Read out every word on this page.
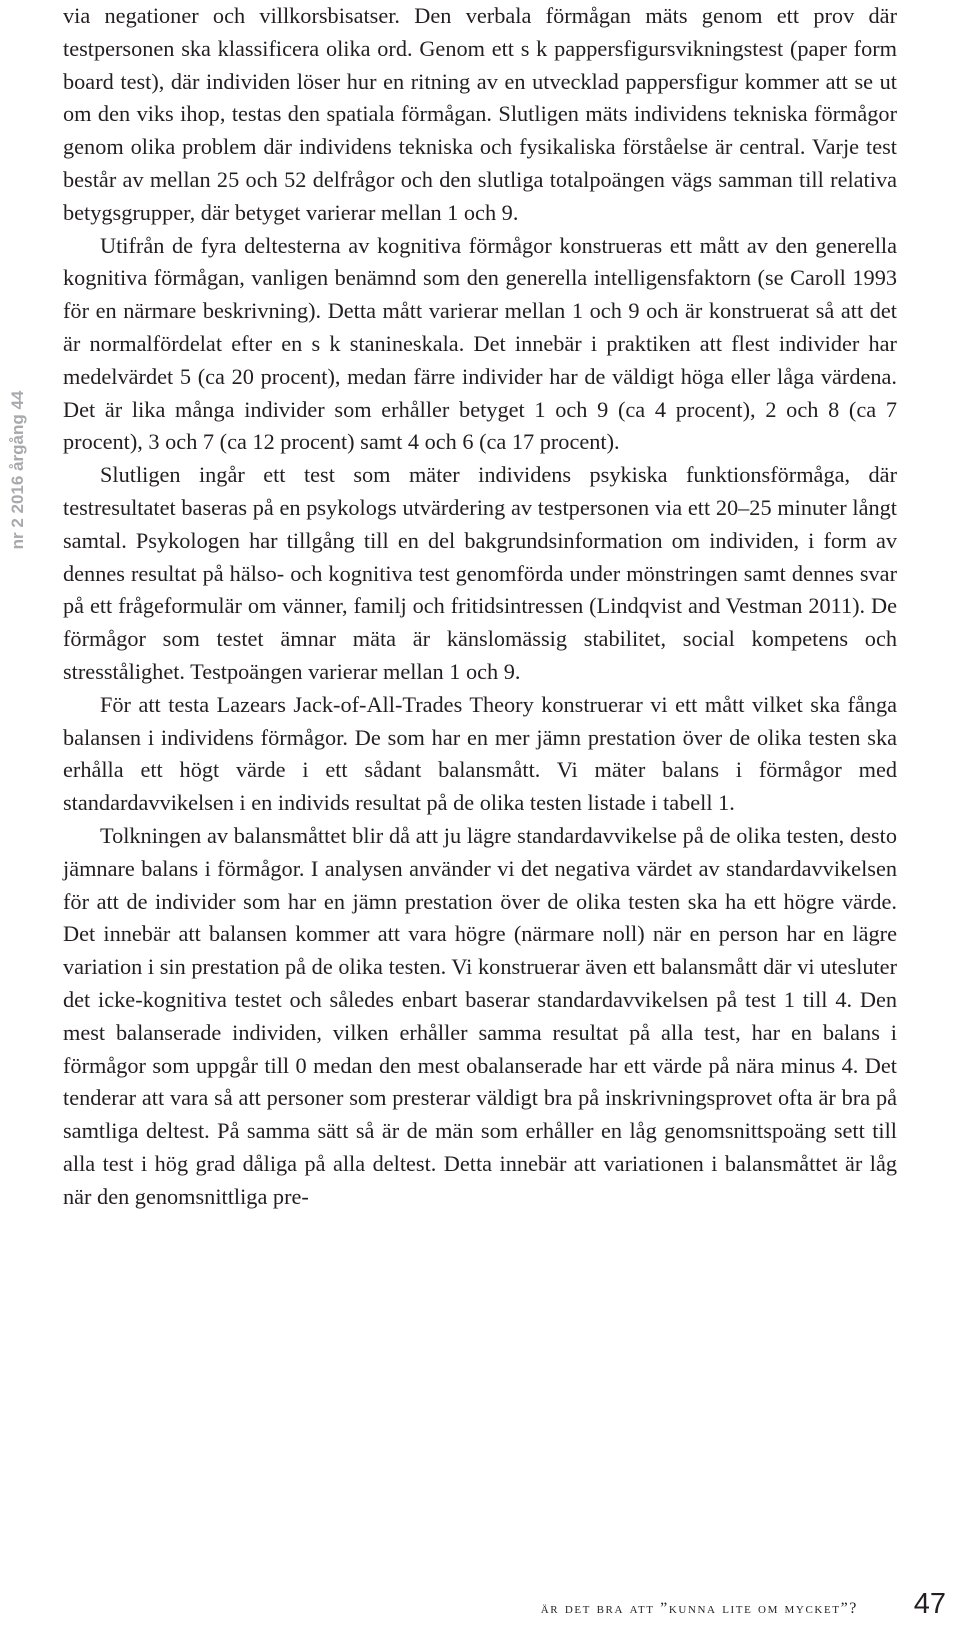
nr 2 2016 årgång 44

via negationer och villkorsbisatser. Den verbala förmågan mäts genom ett prov där testpersonen ska klassificera olika ord. Genom ett s k pappersfigursvikningstest (paper form board test), där individen löser hur en ritning av en utvecklad pappersfigur kommer att se ut om den viks ihop, testas den spatiala förmågan. Slutligen mäts individens tekniska förmågor genom olika problem där individens tekniska och fysikaliska förståelse är central. Varje test består av mellan 25 och 52 delfrågor och den slutliga totalpoängen vägs samman till relativa betygsgrupper, där betyget varierar mellan 1 och 9.

Utifrån de fyra deltesterna av kognitiva förmågor konstrueras ett mått av den generella kognitiva förmågan, vanligen benämnd som den generella intelligensfaktorn (se Caroll 1993 för en närmare beskrivning). Detta mått varierar mellan 1 och 9 och är konstruerat så att det är normalfördelat efter en s k stanineskala. Det innebär i praktiken att flest individer har medelvärdet 5 (ca 20 procent), medan färre individer har de väldigt höga eller låga värdena. Det är lika många individer som erhåller betyget 1 och 9 (ca 4 procent), 2 och 8 (ca 7 procent), 3 och 7 (ca 12 procent) samt 4 och 6 (ca 17 procent).

Slutligen ingår ett test som mäter individens psykiska funktionsförmåga, där testresultatet baseras på en psykologs utvärdering av testpersonen via ett 20–25 minuter långt samtal. Psykologen har tillgång till en del bakgrundsinformation om individen, i form av dennes resultat på hälso- och kognitiva test genomförda under mönstringen samt dennes svar på ett frågeformulär om vänner, familj och fritidsintressen (Lindqvist and Vestman 2011). De förmågor som testet ämnar mäta är känslomässig stabilitet, social kompetens och stresstålighet. Testpoängen varierar mellan 1 och 9.

För att testa Lazears Jack-of-All-Trades Theory konstruerar vi ett mått vilket ska fånga balansen i individens förmågor. De som har en mer jämn prestation över de olika testen ska erhålla ett högt värde i ett sådant balansmått. Vi mäter balans i förmågor med standardavvikelsen i en individs resultat på de olika testen listade i tabell 1.

Tolkningen av balansmåttet blir då att ju lägre standardavvikelse på de olika testen, desto jämnare balans i förmågor. I analysen använder vi det negativa värdet av standardavvikelsen för att de individer som har en jämn prestation över de olika testen ska ha ett högre värde. Det innebär att balansen kommer att vara högre (närmare noll) när en person har en lägre variation i sin prestation på de olika testen. Vi konstruerar även ett balansmått där vi utesluter det icke-kognitiva testet och således enbart baserar standardavvikelsen på test 1 till 4. Den mest balanserade individen, vilken erhåller samma resultat på alla test, har en balans i förmågor som uppgår till 0 medan den mest obalanserade har ett värde på nära minus 4. Det tenderar att vara så att personer som presterar väldigt bra på inskrivningsprovet ofta är bra på samtliga deltest. På samma sätt så är de män som erhåller en låg genomsnittspoäng sett till alla test i hög grad dåliga på alla deltest. Detta innebär att variationen i balansmåttet är låg när den genomsnittliga pre-

är det bra att ”kunna lite om mycket”? 47
